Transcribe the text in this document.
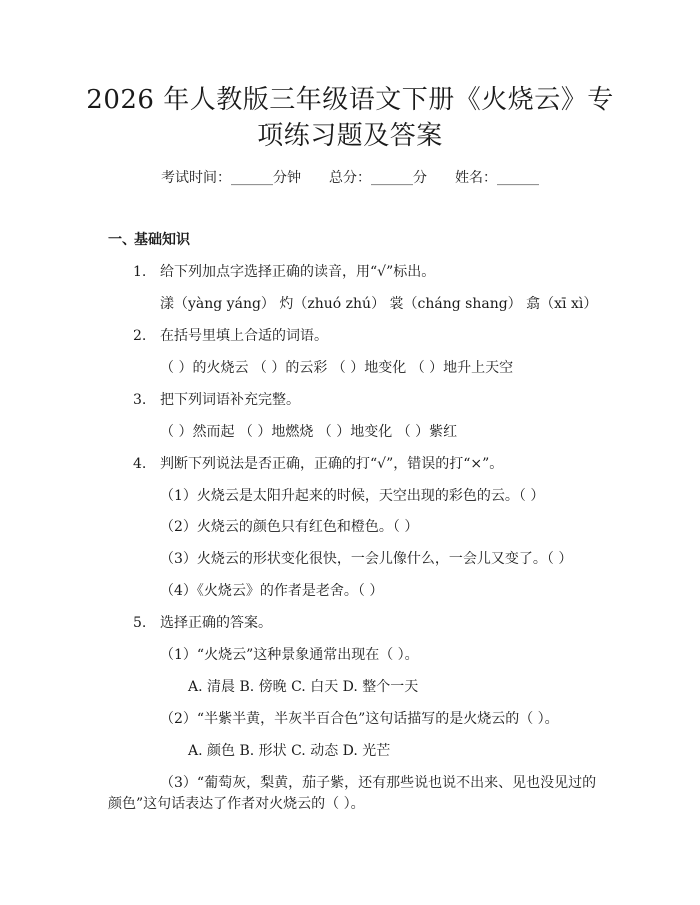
2026 年人教版三年级语文下册《火烧云》专
项练习题及答案
考试时间：______分钟 总分：______分 姓名：______
一、基础知识
1. 给下列加点字选择正确的读音，用“√”标出。
漾（yàng yáng） 灼（zhuó zhú） 裳（cháng shang） 翕（xī xì）
2. 在括号里填上合适的词语。
（ ）的火烧云 （ ）的云彩 （ ）地变化 （ ）地升上天空
3. 把下列词语补充完整。
（ ）然而起 （ ）地燃烧 （ ）地变化 （ ）紫红
4. 判断下列说法是否正确，正确的打“√”，错误的打“×”。
（1）火烧云是太阳升起来的时候，天空出现的彩色的云。（ ）
（2）火烧云的颜色只有红色和橙色。（ ）
（3）火烧云的形状变化很快，一会儿像什么，一会儿又变了。（ ）
（4）《火烧云》的作者是老舍。（ ）
5. 选择正确的答案。
（1）“火烧云”这种景象通常出现在（ ）。
A. 清晨 B. 傍晚 C. 白天 D. 整个一天
（2）“半紫半黄，半灰半百合色”这句话描写的是火烧云的（ ）。
A. 颜色 B. 形状 C. 动态 D. 光芒
（3）“葡萄灰，梨黄，茄子紫，还有那些说也说不出来、见也没见过的
颜色”这句话表达了作者对火烧云的（ ）。
